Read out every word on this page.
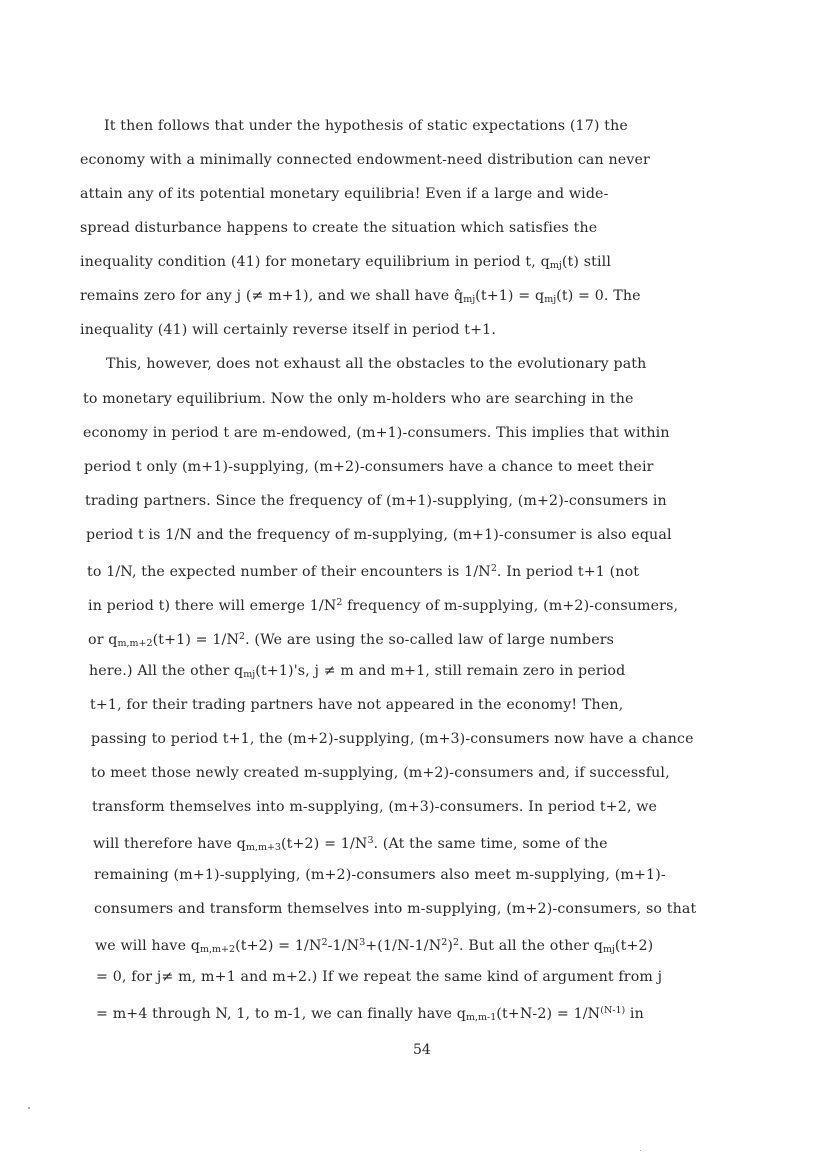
It then follows that under the hypothesis of static expectations (17) the
economy with a minimally connected endowment-need distribution can never
attain any of its potential monetary equilibria! Even if a large and wide-
spread disturbance happens to create the situation which satisfies the
inequality condition (41) for monetary equilibrium in period t, $q_{mj}(t)$ still
remains zero for any j (≠ m+1), and we shall have $q̂_{mj}(t+1) = q_{mj}(t) = 0$. The
inequality (41) will certainly reverse itself in period t+1.
This, however, does not exhaust all the obstacles to the evolutionary path
to monetary equilibrium. Now the only m-holders who are searching in the
economy in period t are m-endowed, (m+1)-consumers. This implies that within
period t only (m+1)-supplying, (m+2)-consumers have a chance to meet their
trading partners. Since the frequency of (m+1)-supplying, (m+2)-consumers in
period t is 1/N and the frequency of m-supplying, (m+1)-consumer is also equal
to 1/N, the expected number of their encounters is $1/N^2$. In period t+1 (not
in period t) there will emerge $1/N^2$ frequency of m-supplying, (m+2)-consumers,
or $q_{m,m+2}(t+1) = 1/N^2$. (We are using the so-called law of large numbers
here.) All the other $q_{mj}(t+1)'s$, j ≠ m and m+1, still remain zero in period
t+1, for their trading partners have not appeared in the economy! Then,
passing to period t+1, the (m+2)-supplying, (m+3)-consumers now have a chance
to meet those newly created m-supplying, (m+2)-consumers and, if successful,
transform themselves into m-supplying, (m+3)-consumers. In period t+2, we
will therefore have $q_{m,m+3}(t+2) = 1/N^3$. (At the same time, some of the
remaining (m+1)-supplying, (m+2)-consumers also meet m-supplying, (m+1)-
consumers and transform themselves into m-supplying, (m+2)-consumers, so that
we will have $q_{m,m+2}(t+2) = 1/N^2-1/N^3+(1/N-1/N^2)^2$. But all the other $q_{mj}(t+2)$
= 0, for j≠ m, m+1 and m+2.) If we repeat the same kind of argument from j
= m+4 through N, 1, to m-1, we can finally have $q_{m,m-1}(t+N-2) = 1/N^{(N-1)}$ in
54
